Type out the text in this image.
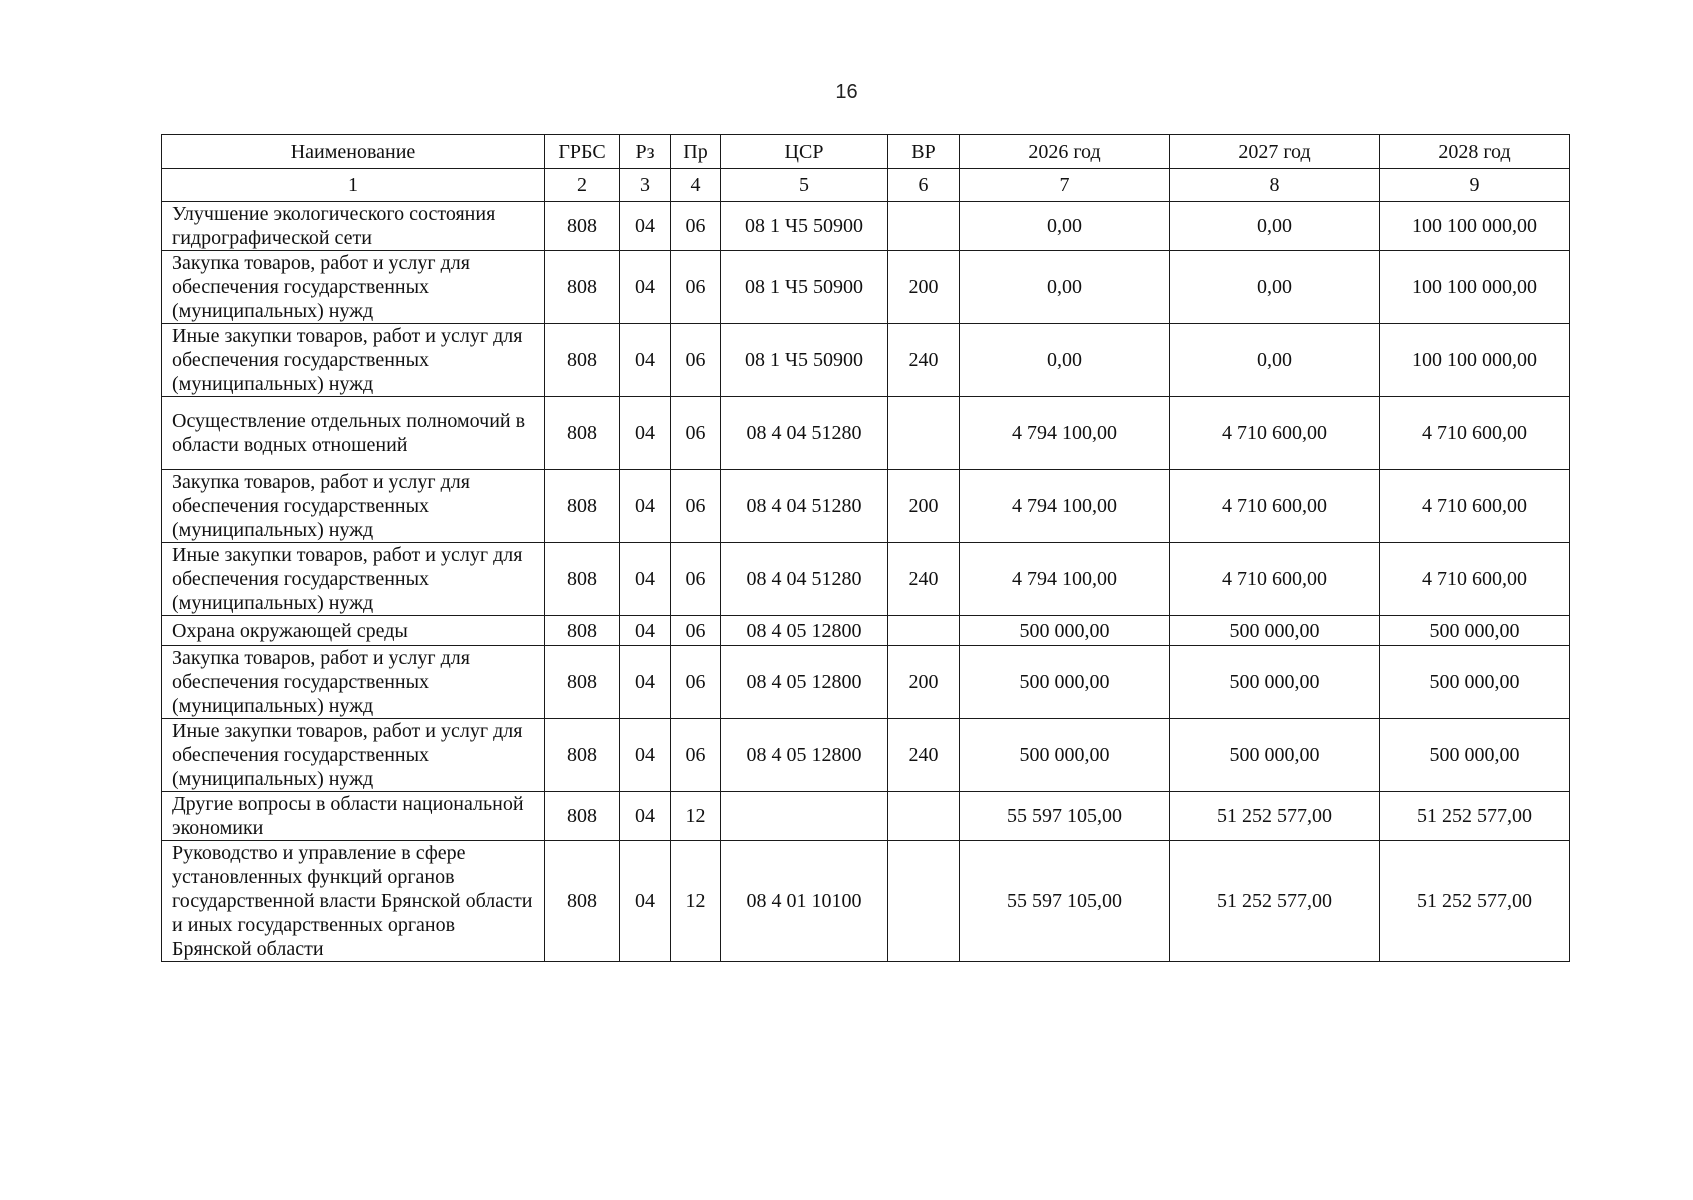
16
Наименование	ГРБС	Рз	Пр	ЦСР	ВР	2026 год	2027 год	2028 год
1	2	3	4	5	6	7	8	9
Улучшение экологического состояния гидрографической сети	808	04	06	08 1 Ч5 50900		0,00	0,00	100 100 000,00
Закупка товаров, работ и услуг для обеспечения государственных (муниципальных) нужд	808	04	06	08 1 Ч5 50900	200	0,00	0,00	100 100 000,00
Иные закупки товаров, работ и услуг для обеспечения государственных (муниципальных) нужд	808	04	06	08 1 Ч5 50900	240	0,00	0,00	100 100 000,00
Осуществление отдельных полномочий в области водных отношений	808	04	06	08 4 04 51280		4 794 100,00	4 710 600,00	4 710 600,00
Закупка товаров, работ и услуг для обеспечения государственных (муниципальных) нужд	808	04	06	08 4 04 51280	200	4 794 100,00	4 710 600,00	4 710 600,00
Иные закупки товаров, работ и услуг для обеспечения государственных (муниципальных) нужд	808	04	06	08 4 04 51280	240	4 794 100,00	4 710 600,00	4 710 600,00
Охрана окружающей среды	808	04	06	08 4 05 12800		500 000,00	500 000,00	500 000,00
Закупка товаров, работ и услуг для обеспечения государственных (муниципальных) нужд	808	04	06	08 4 05 12800	200	500 000,00	500 000,00	500 000,00
Иные закупки товаров, работ и услуг для обеспечения государственных (муниципальных) нужд	808	04	06	08 4 05 12800	240	500 000,00	500 000,00	500 000,00
Другие вопросы в области национальной экономики	808	04	12			55 597 105,00	51 252 577,00	51 252 577,00
Руководство и управление в сфере установленных функций органов государственной власти Брянской области и иных государственных органов Брянской области	808	04	12	08 4 01 10100		55 597 105,00	51 252 577,00	51 252 577,00
